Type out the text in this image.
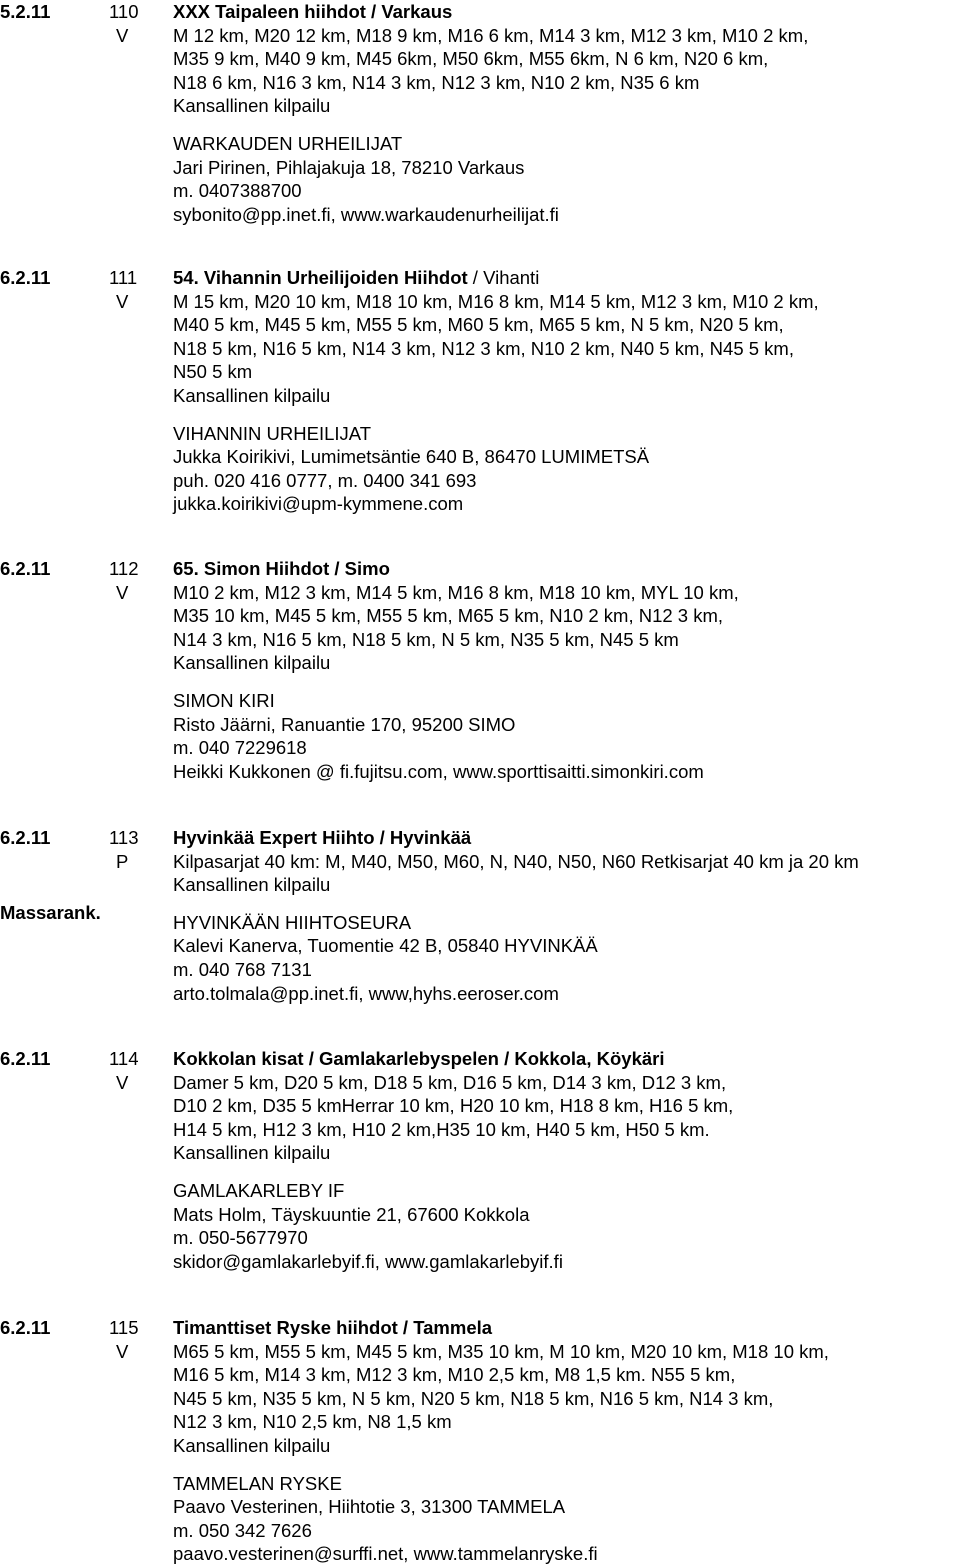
5.2.11	110
V
XXX Taipaleen hiihdot / Varkaus
M 12 km, M20 12 km, M18 9 km, M16 6 km, M14 3 km, M12 3 km, M10 2 km,
M35 9 km, M40 9 km, M45 6km, M50 6km, M55 6km, N 6 km, N20 6 km,
N18 6 km, N16 3 km, N14 3 km, N12 3 km, N10 2 km, N35 6 km
Kansallinen kilpailu
WARKAUDEN URHEILIJAT
Jari Pirinen, Pihlajakuja 18, 78210 Varkaus
m. 0407388700
sybonito@pp.inet.fi, www.warkaudenurheilijat.fi
6.2.11	111
V
54. Vihannin Urheilijoiden Hiihdot / Vihanti
M 15 km, M20 10 km, M18 10 km, M16 8 km, M14 5 km, M12 3 km, M10 2 km,
M40 5 km, M45 5 km, M55 5 km, M60 5 km, M65 5 km, N 5 km, N20 5 km,
N18 5 km, N16 5 km, N14 3 km, N12 3 km, N10 2 km, N40 5 km, N45 5 km,
N50 5 km
Kansallinen kilpailu
VIHANNIN URHEILIJAT
Jukka Koirikivi, Lumimetsäntie 640 B, 86470 LUMIMETSÄ
puh. 020 416 0777, m. 0400 341 693
jukka.koirikivi@upm-kymmene.com
6.2.11	112
V
65. Simon Hiihdot / Simo
M10 2 km, M12 3 km, M14 5 km, M16 8 km, M18 10 km, MYL 10 km,
M35 10 km, M45 5 km, M55 5 km, M65 5 km, N10 2 km, N12 3 km,
N14 3 km, N16 5 km, N18 5 km, N 5 km, N35 5 km, N45 5 km
Kansallinen kilpailu
SIMON KIRI
Risto Jäärni, Ranuantie 170, 95200 SIMO
m. 040 7229618
Heikki Kukkonen @ fi.fujitsu.com, www.sporttisaitti.simonkiri.com
6.2.11	113
P
Massarank.
Hyvinkää Expert Hiihto / Hyvinkää
Kilpasarjat 40 km: M, M40, M50, M60, N, N40, N50, N60 Retkisarjat 40 km ja 20 km
Kansallinen kilpailu
HYVINKÄÄN HIIHTOSEURA
Kalevi Kanerva, Tuomentie 42 B, 05840 HYVINKÄÄ
m. 040 768 7131
arto.tolmala@pp.inet.fi, www,hyhs.eeroser.com
6.2.11	114
V
Kokkolan kisat / Gamlakarlebyspelen / Kokkola, Köykäri
Damer 5 km, D20 5 km, D18 5 km, D16 5 km, D14 3 km, D12 3 km,
D10 2 km, D35 5 kmHerrar 10 km, H20 10 km, H18 8 km, H16 5 km,
H14 5 km, H12 3 km, H10 2 km,H35 10 km, H40 5 km, H50 5 km.
Kansallinen kilpailu
GAMLAKARLEBY IF
Mats Holm, Täyskuuntie 21, 67600 Kokkola
m. 050-5677970
skidor@gamlakarlebyif.fi, www.gamlakarlebyif.fi
6.2.11	115
V
Timanttiset Ryske hiihdot / Tammela
M65 5 km, M55 5 km, M45 5 km, M35 10 km, M 10 km, M20 10 km, M18 10 km,
M16 5 km, M14 3 km, M12 3 km, M10 2,5 km, M8 1,5 km. N55 5 km,
N45 5 km, N35 5 km, N 5 km, N20 5 km, N18 5 km, N16 5 km, N14 3 km,
N12 3 km, N10 2,5 km, N8 1,5 km
Kansallinen kilpailu
TAMMELAN RYSKE
Paavo Vesterinen, Hiihtotie 3, 31300 TAMMELA
m. 050 342 7626
paavo.vesterinen@surffi.net, www.tammelanryske.fi
